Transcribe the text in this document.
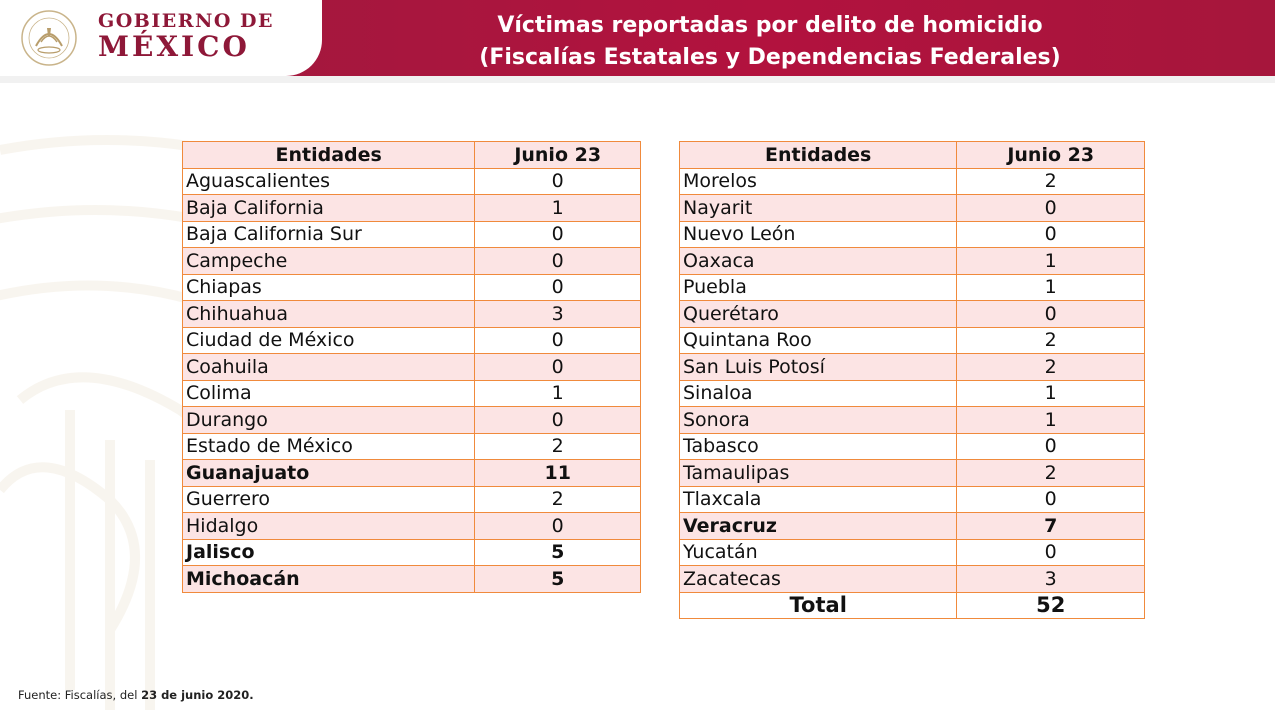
GOBIERNO DE
MÉXICO
Víctimas reportadas por delito de homicidio
(Fiscalías Estatales y Dependencias Federales)
Entidades	Junio 23
Aguascalientes	0
Baja California	1
Baja California Sur	0
Campeche	0
Chiapas	0
Chihuahua	3
Ciudad de México	0
Coahuila	0
Colima	1
Durango	0
Estado de México	2
Guanajuato	11
Guerrero	2
Hidalgo	0
Jalisco	5
Michoacán	5
Entidades	Junio 23
Morelos	2
Nayarit	0
Nuevo León	0
Oaxaca	1
Puebla	1
Querétaro	0
Quintana Roo	2
San Luis Potosí	2
Sinaloa	1
Sonora	1
Tabasco	0
Tamaulipas	2
Tlaxcala	0
Veracruz	7
Yucatán	0
Zacatecas	3
Total	52
Fuente: Fiscalías, del 23 de junio 2020.
